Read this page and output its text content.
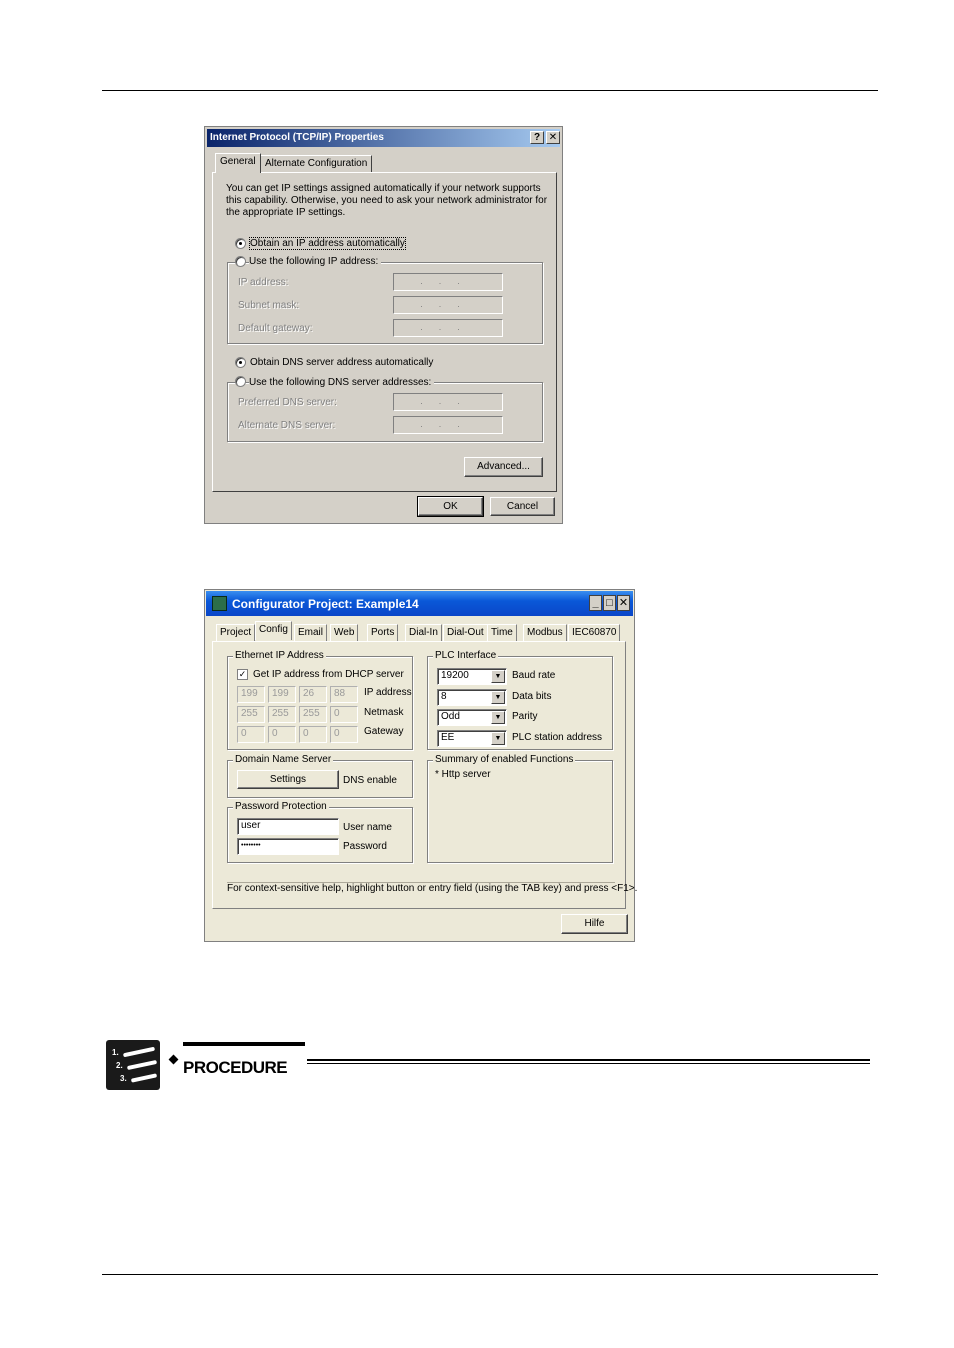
Internet Protocol (TCP/IP) Properties	? ✕
General Alternate Configuration
You can get IP settings assigned automatically if your network supports
this capability. Otherwise, you need to ask your network administrator for
the appropriate IP settings.
Obtain an IP address automatically
Use the following IP address:
IP address:	...
Subnet mask:	...
Default gateway:	...
Obtain DNS server address automatically
Use the following DNS server addresses:
Preferred DNS server:	...
Alternate DNS server:	...
Advanced...
OK	Cancel
Configurator Project: Example14	_ □ ✕
Project Config	Email	Web	Ports	Dial-In Dial-Out Time	Modbus IEC60870
Ethernet IP Address
✓ Get IP address from DHCP server
199	199	26	88	IP address
255	255	255	0	Netmask
0	0	0	0	Gateway
Domain Name Server
Settings	DNS enable
Password Protection
user	User name
••••••••	Password
PLC Interface
19200	▼	Baud rate
8	▼	Data bits
Odd	▼	Parity
EE	▼	PLC station address
Summary of enabled Functions
* Http server
For context-sensitive help, highlight button or entry field (using the TAB key) and press <F1>.
Hilfe
1.
2.
3.
PROCEDURE
